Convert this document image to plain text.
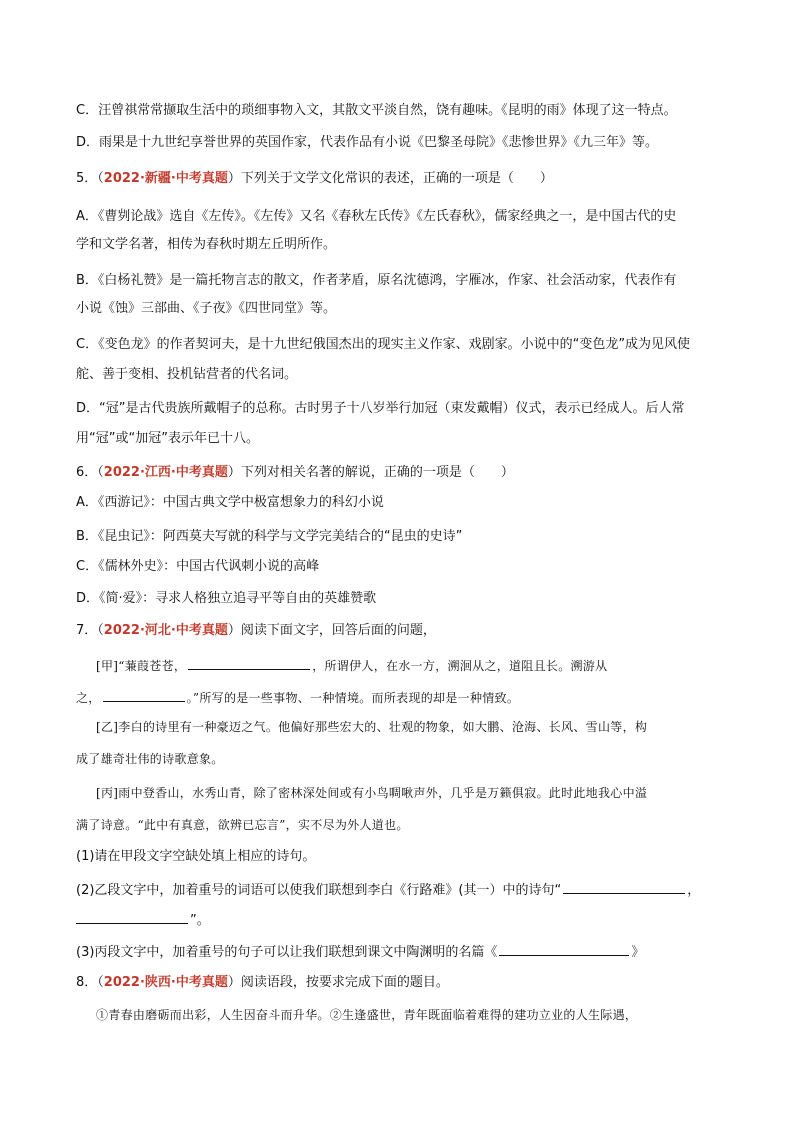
C．汪曾祺常常撷取生活中的琐细事物入文，其散文平淡自然，饶有趣味。《昆明的雨》体现了这一特点。
D．雨果是十九世纪享誉世界的英国作家，代表作品有小说《巴黎圣母院》《悲惨世界》《九三年》等。
5．（2022·新疆·中考真题）下列关于文学文化常识的表述，正确的一项是（　　）
A．《曹刿论战》选自《左传》。《左传》又名《春秋左氏传》《左氏春秋》，儒家经典之一，是中国古代的史
学和文学名著，相传为春秋时期左丘明所作。
B．《白杨礼赞》是一篇托物言志的散文，作者茅盾，原名沈德鸿，字雁冰，作家、社会活动家，代表作有
小说《蚀》三部曲、《子夜》《四世同堂》等。
C．《变色龙》的作者契诃夫，是十九世纪俄国杰出的现实主义作家、戏剧家。小说中的“变色龙”成为见风使
舵、善于变相、投机钻营者的代名词。
D．“冠”是古代贵族所戴帽子的总称。古时男子十八岁举行加冠（束发戴帽）仪式，表示已经成人。后人常
用“冠”或“加冠”表示年已十八。
6．（2022·江西·中考真题）下列对相关名著的解说，正确的一项是（　　）
A．《西游记》：中国古典文学中极富想象力的科幻小说
B．《昆虫记》：阿西莫夫写就的科学与文学完美结合的“昆虫的史诗”
C．《儒林外史》：中国古代讽刺小说的高峰
D．《简·爱》：寻求人格独立追寻平等自由的英雄赞歌
7．（2022·河北·中考真题）阅读下面文字，回答后面的问题，
[甲]“蒹葭苍苍，	，所谓伊人，在水一方，溯洄从之，道阻且长。溯游从
之，	。”所写的是一些事物、一种情境。而所表现的却是一种情致。
[乙]李白的诗里有一种豪迈之气。他偏好那些宏大的、壮观的物象，如大鹏、沧海、长风、雪山等，构
成了雄奇壮伟的诗歌意象。
[丙]雨中登香山，水秀山青，除了密林深处间或有小鸟啁啾声外，几乎是万籁俱寂。此时此地我心中溢
满了诗意。“此中有真意，欲辨已忘言”，实不尽为外人道也。
(1)请在甲段文字空缺处填上相应的诗句。
(2)乙段文字中，加着重号的词语可以使我们联想到李白《行路难》(其一）中的诗句“	，
”。
(3)丙段文字中，加着重号的句子可以让我们联想到课文中陶渊明的名篇《	》
8．（2022·陕西·中考真题）阅读语段，按要求完成下面的题目。
①青春由磨砺而出彩，人生因奋斗而升华。②生逢盛世，青年既面临着难得的建功立业的人生际遇，
